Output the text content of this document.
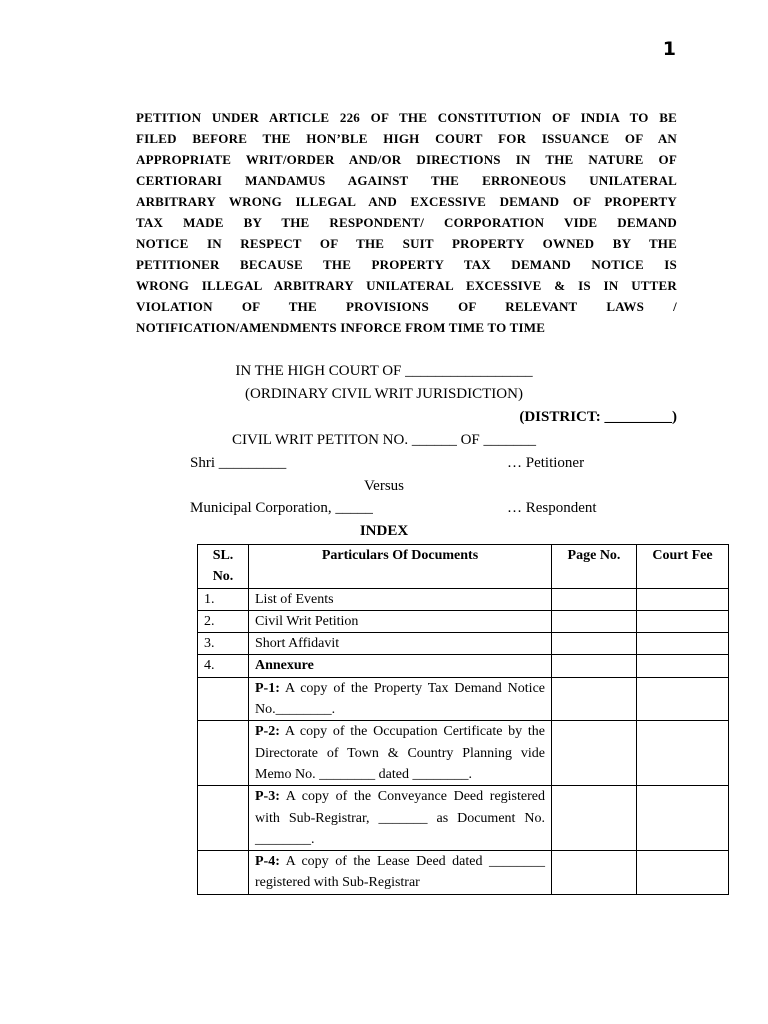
1
PETITION UNDER ARTICLE 226 OF THE CONSTITUTION OF INDIA TO BE
FILED BEFORE THE HON’BLE HIGH COURT FOR ISSUANCE OF AN
APPROPRIATE WRIT/ORDER AND/OR DIRECTIONS IN THE NATURE OF
CERTIORARI MANDAMUS AGAINST THE ERRONEOUS UNILATERAL
ARBITRARY WRONG ILLEGAL AND EXCESSIVE DEMAND OF PROPERTY
TAX MADE BY THE RESPONDENT/ CORPORATION VIDE DEMAND
NOTICE IN RESPECT OF THE SUIT PROPERTY OWNED BY THE
PETITIONER BECAUSE THE PROPERTY TAX DEMAND NOTICE IS
WRONG ILLEGAL ARBITRARY UNILATERAL EXCESSIVE & IS IN UTTER
VIOLATION OF THE PROVISIONS OF RELEVANT LAWS /
NOTIFICATION/AMENDMENTS INFORCE FROM TIME TO TIME
IN THE HIGH COURT OF _________________
(ORDINARY CIVIL WRIT JURISDICTION)
(DISTRICT: _________)
CIVIL WRIT PETITON NO. ______ OF _______
Shri _________	… Petitioner
Versus
Municipal Corporation, _____	… Respondent
INDEX
SL. No.	Particulars Of Documents	Page No.	Court Fee
1.	List of Events		
2.	Civil Writ Petition		
3.	Short Affidavit		
4.	Annexure		
	P-1: A copy of the Property Tax Demand Notice No.________.		
	P-2: A copy of the Occupation Certificate by the Directorate of Town & Country Planning vide Memo No. ________ dated ________.		
	P-3: A copy of the Conveyance Deed registered with Sub-Registrar, _______ as Document No. ________.		
	P-4: A copy of the Lease Deed dated ________ registered with Sub-Registrar		
